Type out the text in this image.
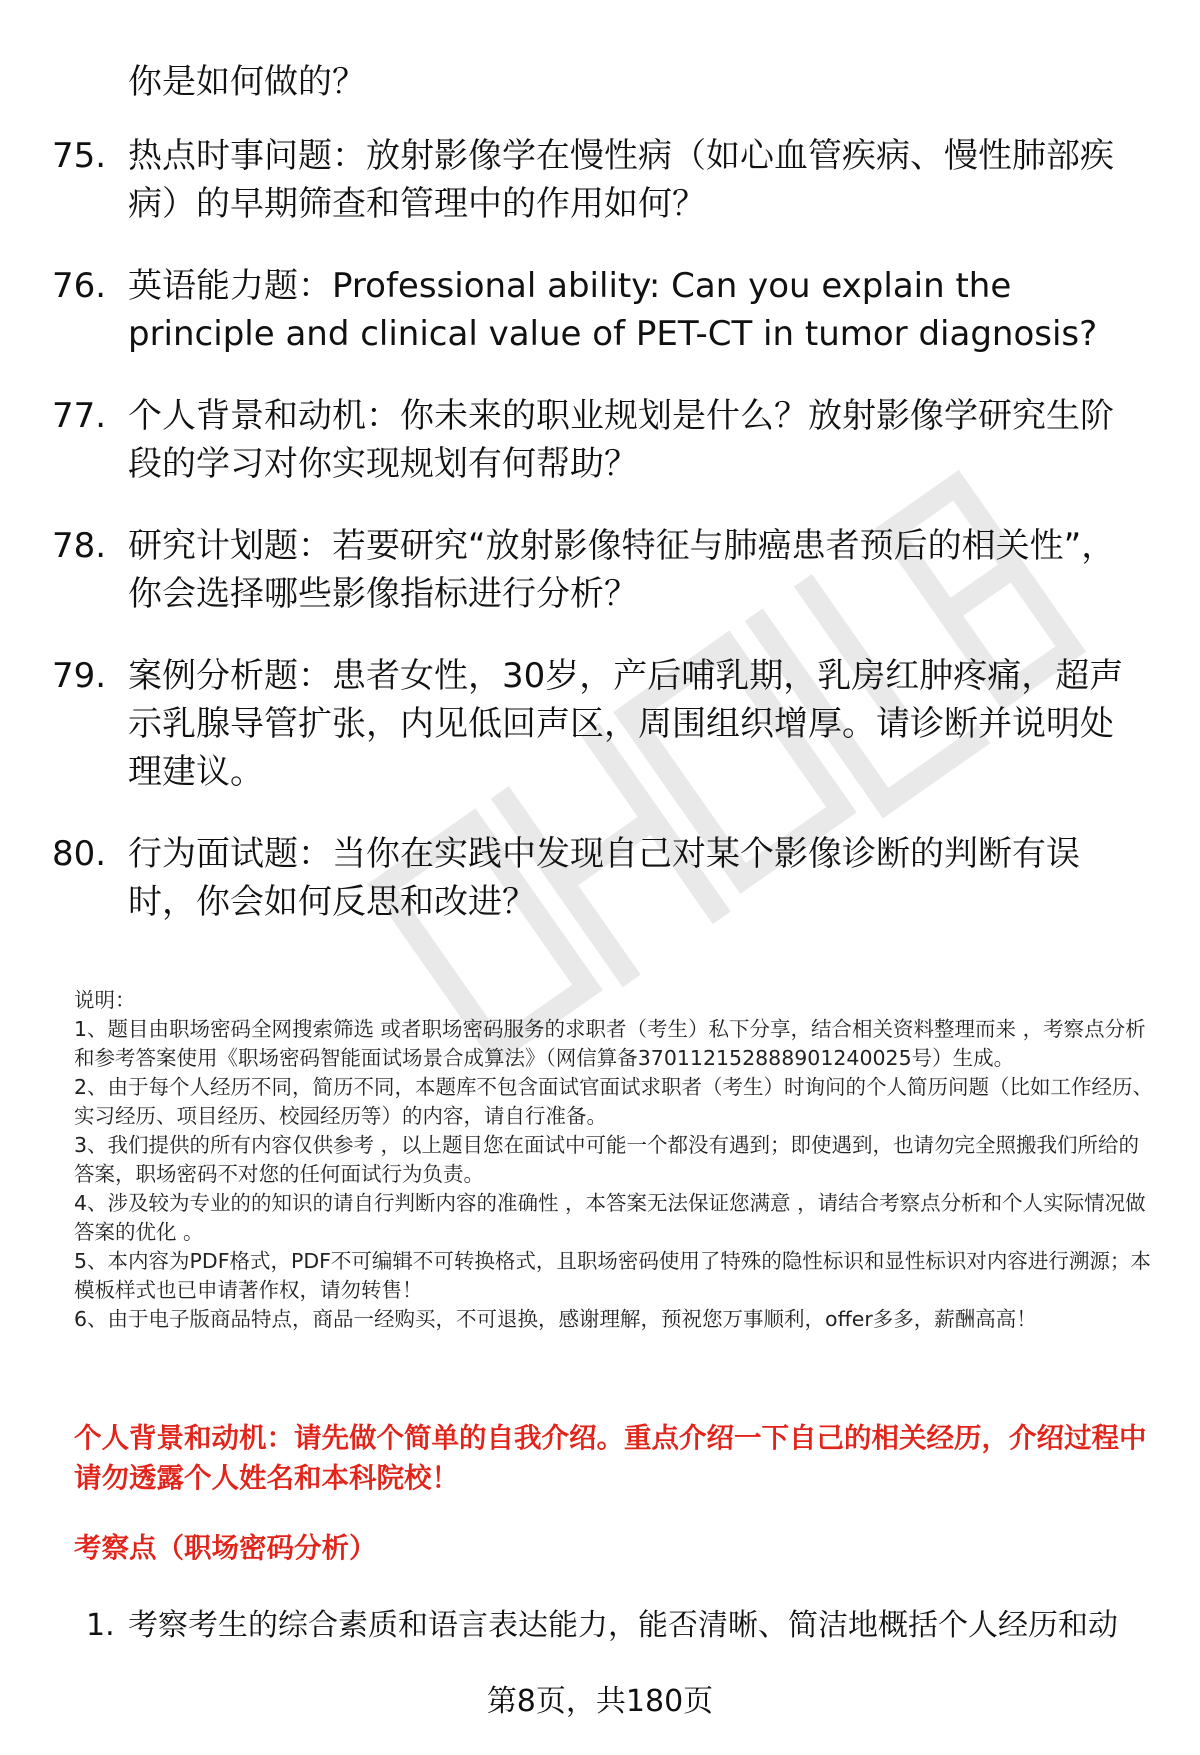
你是如何做的？
75. 热点时事问题：放射影像学在慢性病（如心血管疾病、慢性肺部疾病）的早期筛查和管理中的作用如何？
76. 英语能力题：Professional ability: Can you explain the principle and clinical value of PET-CT in tumor diagnosis?
77. 个人背景和动机：你未来的职业规划是什么？放射影像学研究生阶段的学习对你实现规划有何帮助？
78. 研究计划题：若要研究“放射影像特征与肺癌患者预后的相关性”，你会选择哪些影像指标进行分析？
79. 案例分析题：患者女性，30岁，产后哺乳期，乳房红肿疼痛，超声示乳腺导管扩张，内见低回声区，周围组织增厚。请诊断并说明处理建议。
80. 行为面试题：当你在实践中发现自己对某个影像诊断的判断有误时，你会如何反思和改进？

说明：

1、题目由职场密码全网搜索筛选 或者职场密码服务的求职者（考生）私下分享，结合相关资料整理而来 ，考察点分析和参考答案使用《职场密码智能面试场景合成算法》（网信算备370112152888901240025号）生成。

2、由于每个人经历不同，简历不同，本题库不包含面试官面试求职者（考生）时询问的个人简历问题（比如工作经历、实习经历、项目经历、校园经历等）的内容，请自行准备。

3、我们提供的所有内容仅供参考 ，以上题目您在面试中可能一个都没有遇到；即使遇到，也请勿完全照搬我们所给的答案，职场密码不对您的任何面试行为负责。

4、涉及较为专业的的知识的请自行判断内容的准确性 ，本答案无法保证您满意 ，请结合考察点分析和个人实际情况做答案的优化 。

5、本内容为PDF格式，PDF不可编辑不可转换格式，且职场密码使用了特殊的隐性标识和显性标识对内容进行溯源；本模板样式也已申请著作权，请勿转售！

6、由于电子版商品特点，商品一经购买，不可退换，感谢理解，预祝您万事顺利，offer多多，薪酬高高！

个人背景和动机：请先做个简单的自我介绍。重点介绍一下自己的相关经历，介绍过程中请勿透露个人姓名和本科院校！
考察点（职场密码分析）
1. 考察考生的综合素质和语言表达能力，能否清晰、简洁地概括个人经历和动
第8页，共180页
